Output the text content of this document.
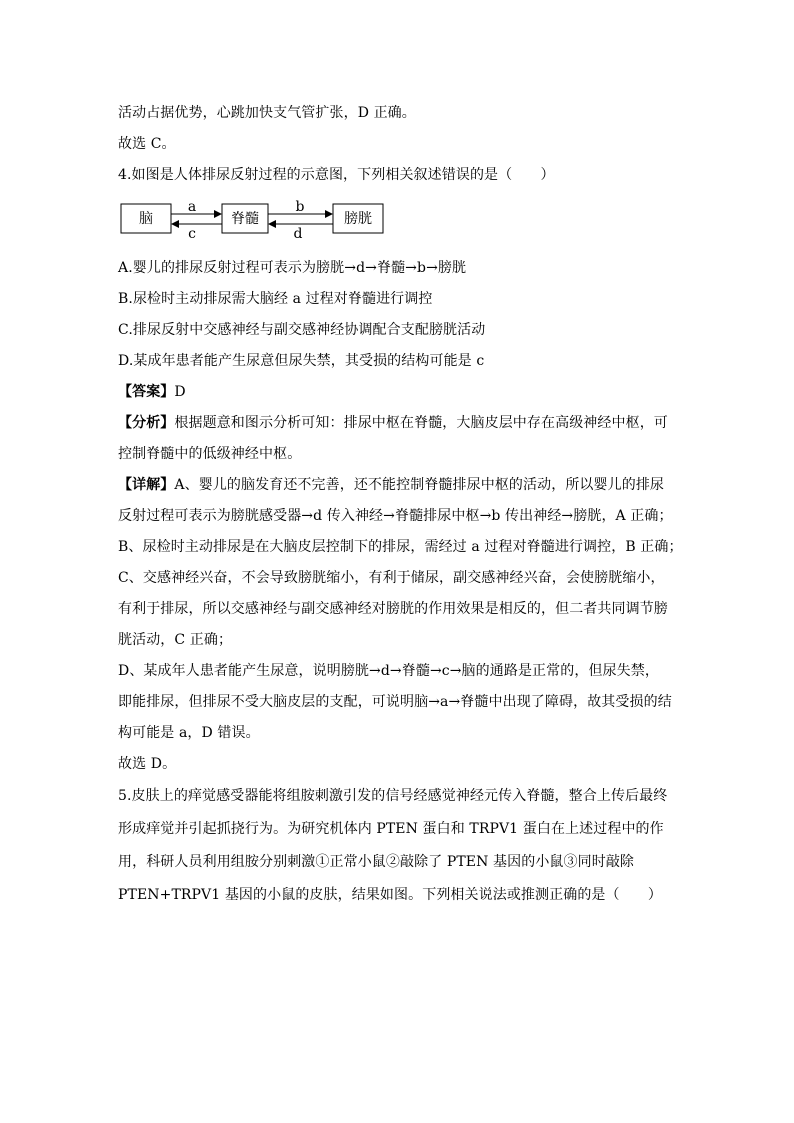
活动占据优势，心跳加快支气管扩张，D 正确。
故选 C。
4.如图是人体排尿反射过程的示意图，下列相关叙述错误的是（　　）
脑	脊髓	膀胱
a
c
b
d
A.婴儿的排尿反射过程可表示为膀胱→d→脊髓→b→膀胱
B.尿检时主动排尿需大脑经 a 过程对脊髓进行调控
C.排尿反射中交感神经与副交感神经协调配合支配膀胱活动
D.某成年患者能产生尿意但尿失禁，其受损的结构可能是 c
【答案】D
【分析】根据题意和图示分析可知：排尿中枢在脊髓，大脑皮层中存在高级神经中枢，可
控制脊髓中的低级神经中枢。
【详解】A、婴儿的脑发育还不完善，还不能控制脊髓排尿中枢的活动，所以婴儿的排尿
反射过程可表示为膀胱感受器→d 传入神经→脊髓排尿中枢→b 传出神经→膀胱，A 正确；
B、尿检时主动排尿是在大脑皮层控制下的排尿，需经过 a 过程对脊髓进行调控，B 正确；
C、交感神经兴奋，不会导致膀胱缩小，有利于储尿，副交感神经兴奋，会使膀胱缩小，
有利于排尿，所以交感神经与副交感神经对膀胱的作用效果是相反的，但二者共同调节膀
胱活动，C 正确；
D、某成年人患者能产生尿意，说明膀胱→d→脊髓→c→脑的通路是正常的，但尿失禁，
即能排尿，但排尿不受大脑皮层的支配，可说明脑→a→脊髓中出现了障碍，故其受损的结
构可能是 a，D 错误。
故选 D。
5.皮肤上的痒觉感受器能将组胺刺激引发的信号经感觉神经元传入脊髓，整合上传后最终
形成痒觉并引起抓挠行为。为研究机体内 PTEN 蛋白和 TRPV1 蛋白在上述过程中的作
用，科研人员利用组胺分别刺激①正常小鼠②敲除了 PTEN 基因的小鼠③同时敲除
PTEN+TRPV1 基因的小鼠的皮肤，结果如图。下列相关说法或推测正确的是（　　）
